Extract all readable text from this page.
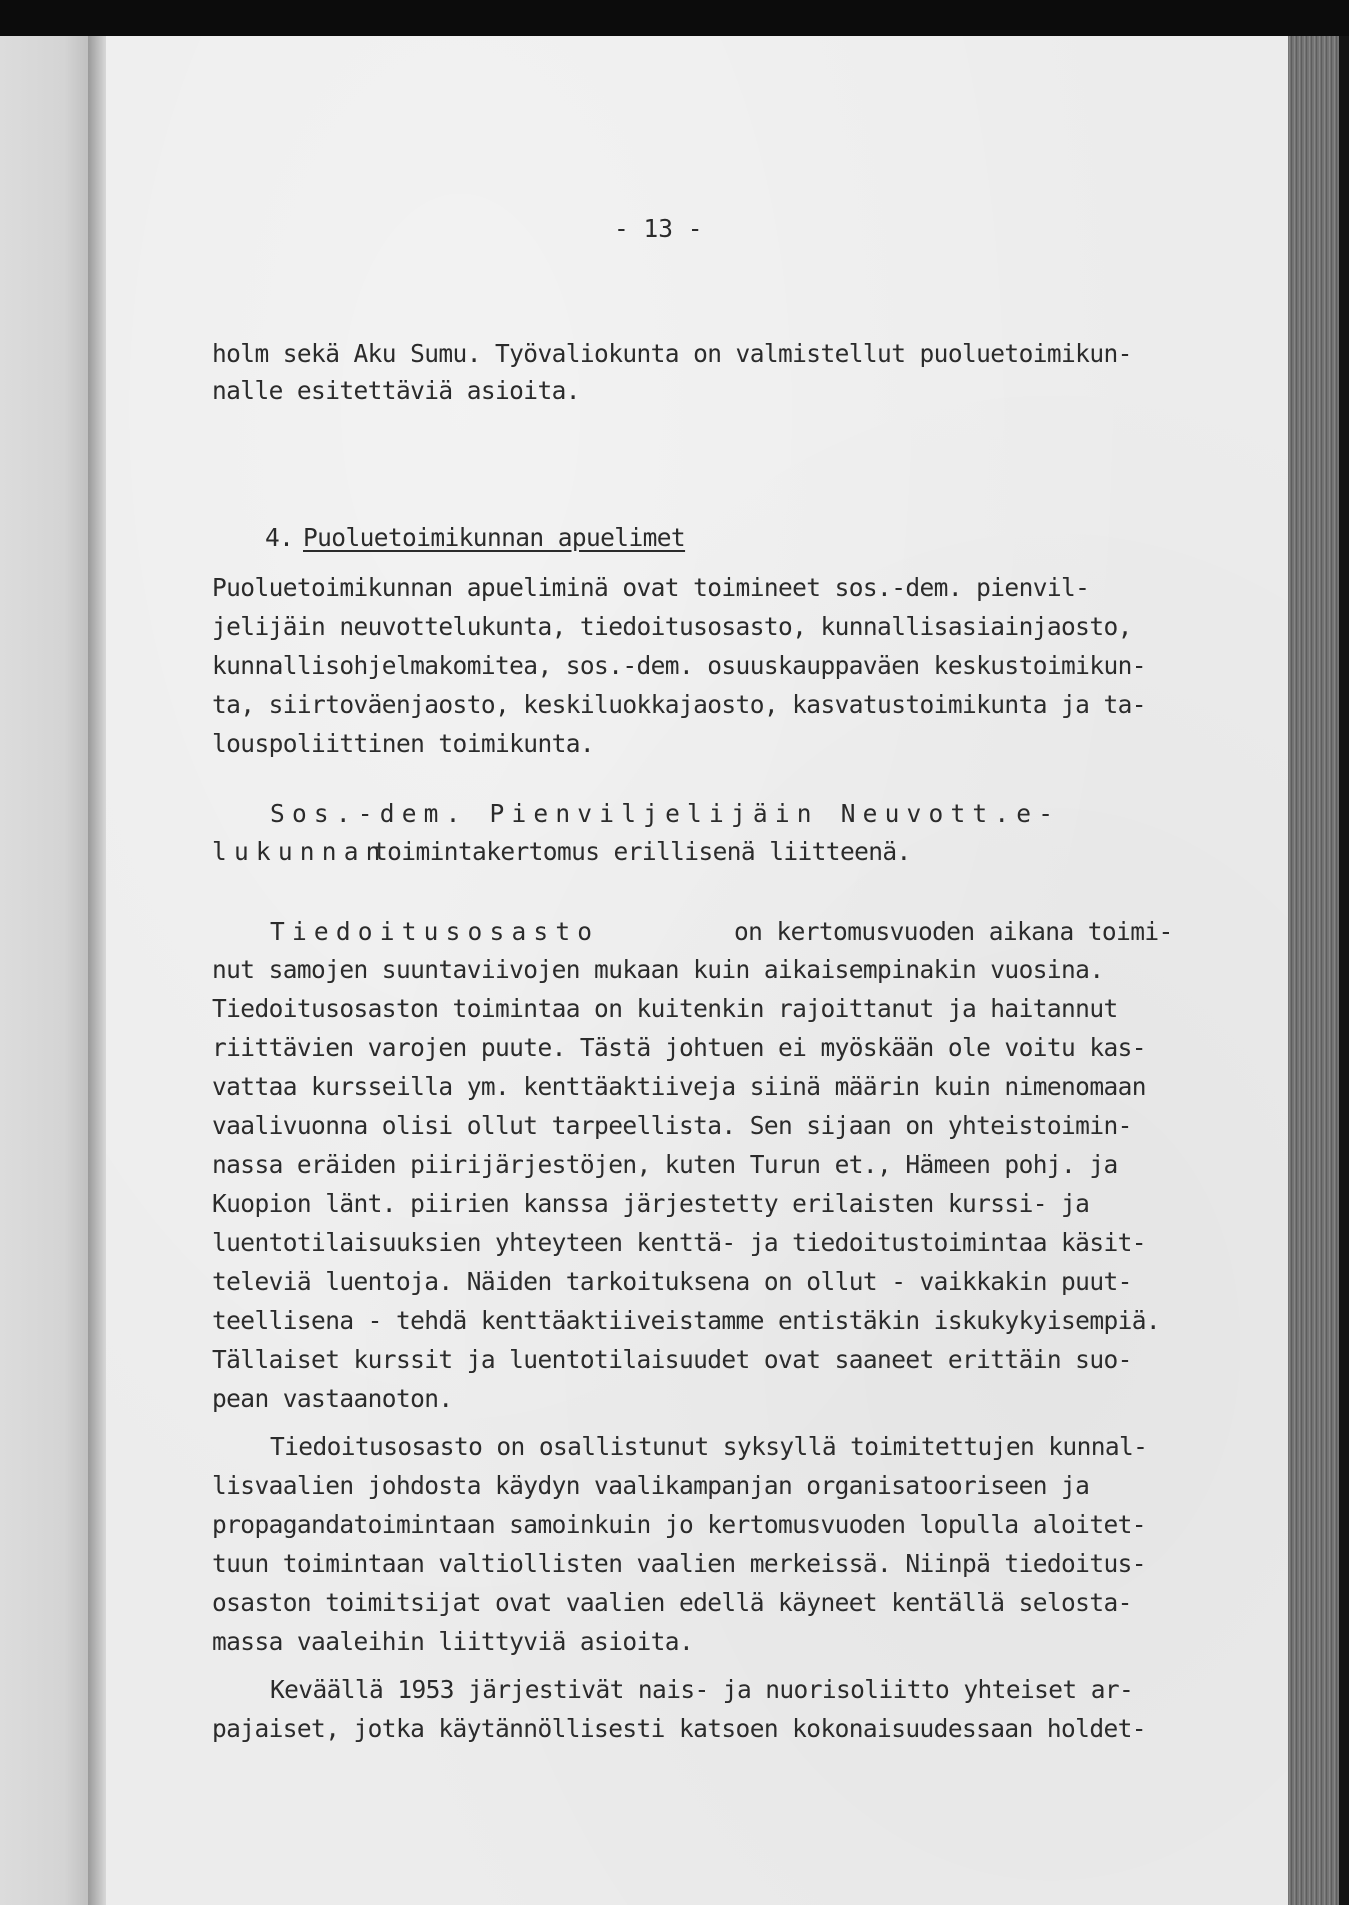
- 13 -
holm sekä Aku Sumu. Työvaliokunta on valmistellut puoluetoimikun-
nalle esitettäviä asioita.
4. Puoluetoimikunnan apuelimet
Puoluetoimikunnan apueliminä ovat toimineet sos.-dem. pienvil-
jelijäin neuvottelukunta, tiedoitusosasto, kunnallisasiainjaosto,
kunnallisohjelmakomitea, sos.-dem. osuuskauppaväen keskustoimikun-
ta, siirtoväenjaosto, keskiluokkajaosto, kasvatustoimikunta ja ta-
louspoliittinen toimikunta.
Sos.-dem. Pienviljelijäin Neuvott.e-
lukunnan
toimintakertomus erillisenä liitteenä.
Tiedoitusosasto	on kertomusvuoden aikana toimi-
nut samojen suuntaviivojen mukaan kuin aikaisempinakin vuosina.
Tiedoitusosaston toimintaa on kuitenkin rajoittanut ja haitannut
riittävien varojen puute. Tästä johtuen ei myöskään ole voitu kas-
vattaa kursseilla ym. kenttäaktiiveja siinä määrin kuin nimenomaan
vaalivuonna olisi ollut tarpeellista. Sen sijaan on yhteistoimin-
nassa eräiden piirijärjestöjen, kuten Turun et., Hämeen pohj. ja
Kuopion länt. piirien kanssa järjestetty erilaisten kurssi- ja
luentotilaisuuksien yhteyteen kenttä- ja tiedoitustoimintaa käsit-
televiä luentoja. Näiden tarkoituksena on ollut - vaikkakin puut-
teellisena - tehdä kenttäaktiiveistamme entistäkin iskukykyisempiä.
Tällaiset kurssit ja luentotilaisuudet ovat saaneet erittäin suo-
pean vastaanoton.
Tiedoitusosasto on osallistunut syksyllä toimitettujen kunnal-
lisvaalien johdosta käydyn vaalikampanjan organisatooriseen ja
propagandatoimintaan samoinkuin jo kertomusvuoden lopulla aloitet-
tuun toimintaan valtiollisten vaalien merkeissä. Niinpä tiedoitus-
osaston toimitsijat ovat vaalien edellä käyneet kentällä selosta-
massa vaaleihin liittyviä asioita.
Keväällä 1953 järjestivät nais- ja nuorisoliitto yhteiset ar-
pajaiset, jotka käytännöllisesti katsoen kokonaisuudessaan holdet-
